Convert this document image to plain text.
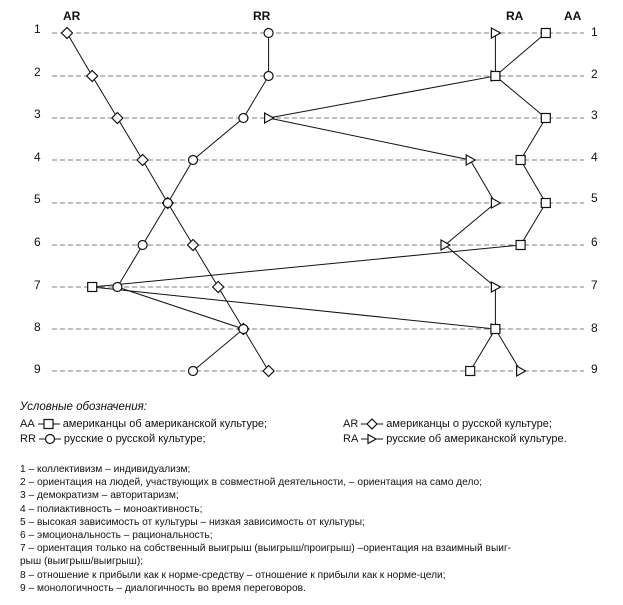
AR	RR	RA	AA
1
2
3
4
5
6
7
8
9
1
2
3
4
5
6
7
8
9
Условные обозначения:
AA	американцы об американской культуре;	AR	американцы о русской культуре;
RR	русские о русской культуре;	RA	русские об американской культуре.
1 – коллективизм – индивидуализм;
2 – ориентация на людей, участвующих в совместной деятельности, – ориентация на само дело;
3 – демократизм – авторитаризм;
4 – полиактивность – моноактивность;
5 – высокая зависимость от культуры – низкая зависимость от культуры;
6 – эмоциональность – рациональность;
7 – ориентация только на собственный выигрыш (выигрыш/проигрыш) –ориентация на взаимный выиг-
рыш (выигрыш/выигрыш);
8 – отношение к прибыли как к норме-средству – отношение к прибыли как к норме-цели;
9 – монологичность – диалогичность во время переговоров.
